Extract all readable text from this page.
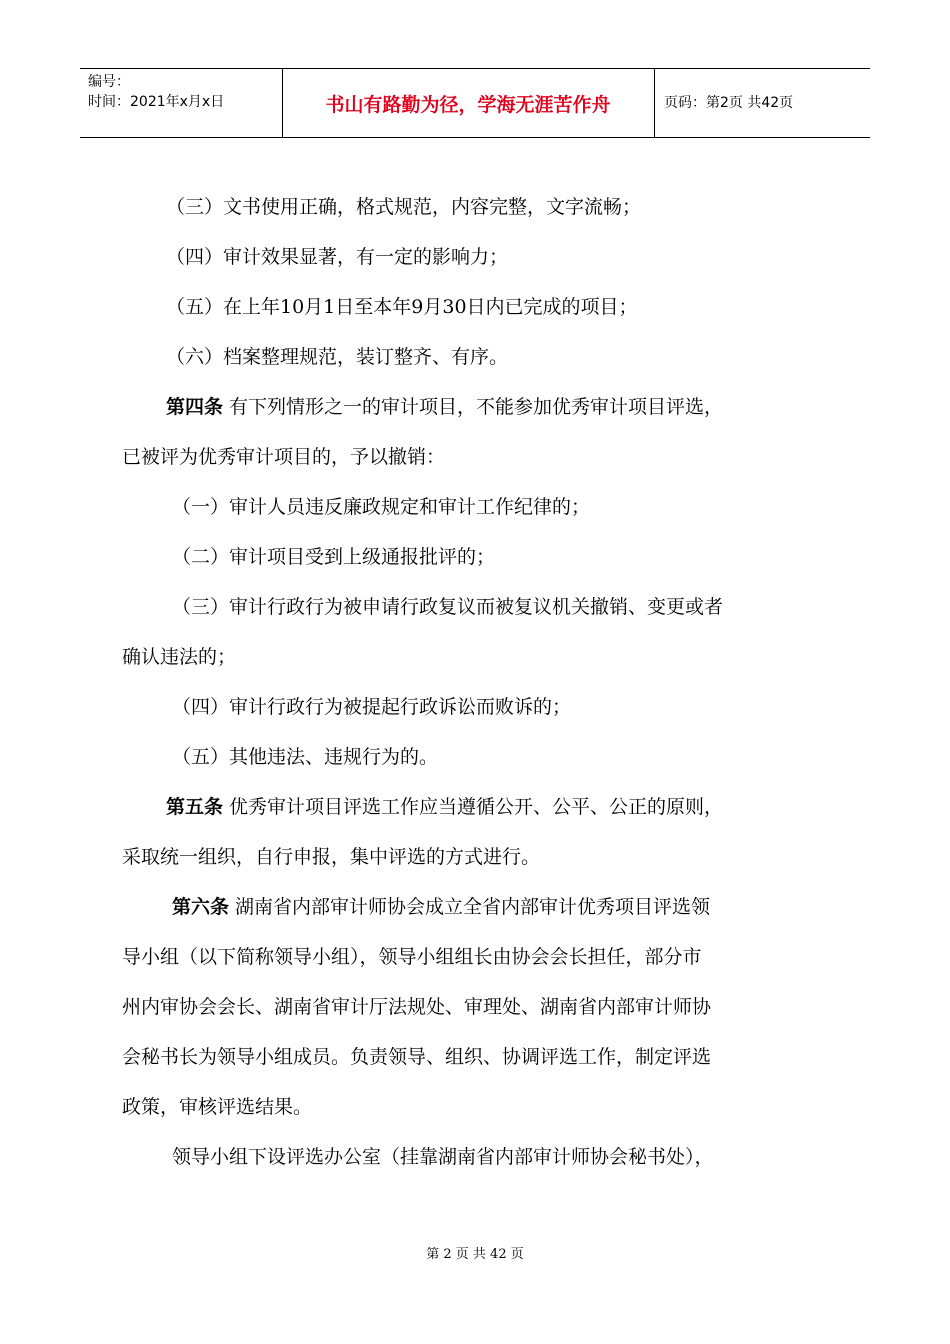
编号：
时间：2021年x月x日	书山有路勤为径，学海无涯苦作舟	页码：第2页 共42页

（三）文书使用正确，格式规范，内容完整，文字流畅；

（四）审计效果显著，有一定的影响力；

（五）在上年10月1日至本年9月30日内已完成的项目；

（六）档案整理规范，装订整齐、有序。

第四条 有下列情形之一的审计项目，不能参加优秀审计项目评选，

已被评为优秀审计项目的，予以撤销：

（一）审计人员违反廉政规定和审计工作纪律的；

（二）审计项目受到上级通报批评的；

（三）审计行政行为被申请行政复议而被复议机关撤销、变更或者

确认违法的；

（四）审计行政行为被提起行政诉讼而败诉的；

（五）其他违法、违规行为的。

第五条 优秀审计项目评选工作应当遵循公开、公平、公正的原则，

采取统一组织，自行申报，集中评选的方式进行。

第六条 湖南省内部审计师协会成立全省内部审计优秀项目评选领

导小组（以下简称领导小组），领导小组组长由协会会长担任，部分市

州内审协会会长、湖南省审计厅法规处、审理处、湖南省内部审计师协

会秘书长为领导小组成员。负责领导、组织、协调评选工作，制定评选

政策，审核评选结果。

领导小组下设评选办公室（挂靠湖南省内部审计师协会秘书处），

第 2 页 共 42 页
